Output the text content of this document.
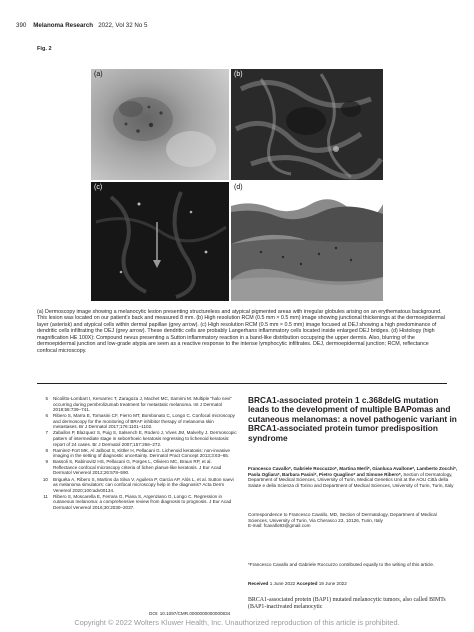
390 Melanoma Research 2022, Vol 32 No 5
Fig. 2
(a)	(b)
(c)	(d)
(a) Dermoscopy image showing a melanocytic lesion presenting structureless and atypical pigmented areas with irregular globules arising on an erythematous background. This lesion was located on our patient’s back and measured 8 mm. (b) High resolution RCM (0.5 mm × 0.5 mm) image showing junctional thickenings at the dermoepidermal layer (asterisk) and atypical cells within dermal papillae (grey arrow). (c) High resolution RCM (0.5 mm × 0.5 mm) image focused at DEJ showing a high predominance of dendritic cells infiltrating the DEJ (grey arrow). These dendritic cells are probably Langerhans inflammatory cells located inside enlarged DEJ bridges. (d) Histology (high magnification HE 100X): Compound nevus presenting a Sutton inflammatory reaction in a band-like distribution occupying the upper dermis. Also, blurring of the dermoepidermal junction and low-grade atypia are seen as a reactive response to the intense lymphocytic infiltrates. DEJ, dermoepidermal junction; RCM, reflectance confocal microscopy.
5 Nicolitto-Lombart I, Kervarrec T, Zaragoza J, Machet MC, Samimi M. Multiple “halo nevi” occurring during pembrolizumab treatment for metastatic melanoma. Int J Dermatol 2019;58:739–741.
6 Ribero S, Marra E, Tomasini CF, Fierro MT, Bombonato C, Longo C. Confocal microscopy and dermoscopy for the monitoring of BRAF inhibitor therapy of melanoma skin metastases. Br J Dermatol 2017;176:1101–1102.
7 Zaballos P, Blazquez S, Puig S, Salsench E, Rodero J, Vives JM, Malvehy J. Dermoscopic pattern of intermediate stage in seborrhoeic keratosis regressing to lichenoid keratosis: report of 24 cases. Br J Dermatol 2007;157:266–272.
8 Ramirez-Fort MK, Al Jalbout S, Kittler H, Pellacani G. Lichenoid keratosis: non-invasive imaging in the setting of diagnostic uncertainty. Dermatol Pract Concept 2013;3:63–65.
9 Bassoli S, Rabinovitz HS, Pellacani G, Porges L, Oliviero MC, Braun RP, et al. Reflectance confocal microscopy criteria of lichen planus-like keratosis. J Eur Acad Dermatol Venereol 2012;26:578–590.
10 Briguéta A, Ribero S, Martins da Silva V, Aguilera P, Garcia AP, Alós L, et al. Sutton naevi as melanoma simulators: can confocal microscopy help in the diagnosis? Acta Derm Venereol 2020;100:adv00134.
11 Ribero S, Moscarella E, Ferrara G, Piana S, Argenziano G, Longo C. Regression in cutaneous melanoma: a comprehensive review from diagnosis to prognosis. J Eur Acad Dermatol Venereol 2016;30:2030–2037.
DOI: 10.1097/CMR.0000000000000834
BRCA1-associated protein 1 c.368delG mutation leads to the development of multiple BAPomas and cutaneous melanomas: a novel pathogenic variant in BRCA1-associated protein tumor predisposition syndrome
Francesco Cavallo*, Gabriele Roccuzzo*, Martina Merli*, Gianluca Avallone*, Lamberto Zocchi*, Paola Ogliara*, Barbara Pasini*, Pietro Quaglino* and Simone Ribero*, Section of Dermatology, Department of Medical Sciences, University of Turin, Medical Genetics Unit at the AOU Città della Salute e della Scienza di Torino and Department of Medical Sciences, University of Turin, Turin, Italy
Correspondence to Francesco Cavallo, MD, Section of Dermatology, Department of Medical Sciences, University of Turin, Via Cherasco 23, 10126, Turin, Italy
E-mail: fcavallo93@gmail.com
*Francesco Cavallo and Gabriele Roccuzzo contributed equally to the writing of this article.
Received 1 June 2022 Accepted 19 June 2022
BRCA1-associated protein (BAP1) mutated melanocytic tumors, also called BIMTs (BAP1-inactivated melanocytic
Copyright © 2022 Wolters Kluwer Health, Inc. Unauthorized reproduction of this article is prohibited.
